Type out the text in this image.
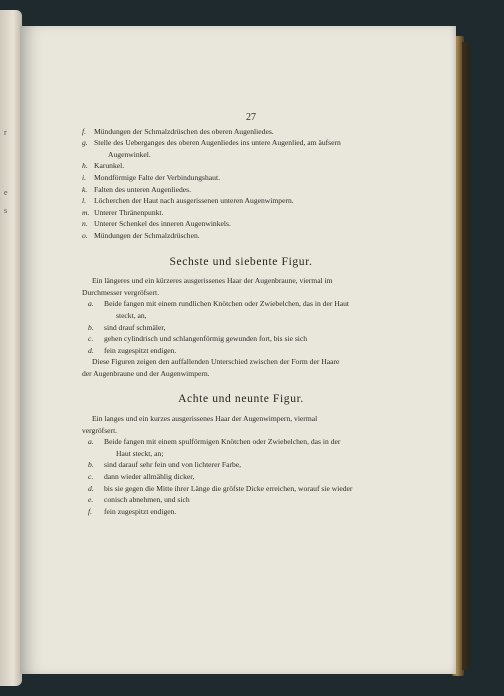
r
e
s
27
f. Mündungen der Schmalzdrüschen des oberen Augenliedes.
g. Stelle des Ueberganges des oberen Augenliedes ins untere Augenlied, am äufsern
Augenwinkel.
h. Karunkel.
i. Mondförmige Falte der Verbindungshaut.
k. Falten des unteren Augenliedes.
l. Löcherchen der Haut nach ausgerissenen unteren Augenwimpern.
m. Unterer Thränenpunkt.
n. Unterer Schenkel des inneren Augenwinkels.
o. Mündungen der Schmalzdrüschen.
Sechste und siebente Figur.
Ein längeres und ein kürzeres ausgerissenes Haar der Augenbraune, viermal im
Durchmesser vergröfsert.
a. Beide fangen mit einem rundlichen Knötchen oder Zwiebelchen, das in der Haut
steckt, an,
b. sind drauf schmäler,
c. gehen cylindrisch und schlangenförmig gewunden fort, bis sie sich
d. fein zugespitzt endigen.
Diese Figuren zeigen den auffallenden Unterschied zwischen der Form der Haare
der Augenbraune und der Augenwimpern.
Achte und neunte Figur.
Ein langes und ein kurzes ausgerissenes Haar der Augenwimpern, viermal
vergröfsert.
a. Beide fangen mit einem spulförmigen Knötchen oder Zwiebelchen, das in der
Haut steckt, an;
b. sind darauf sehr fein und von lichterer Farbe,
c. dann wieder allmählig dicker,
d. bis sie gegen die Mitte ihrer Länge die gröfste Dicke erreichen, worauf sie wieder
e. conisch abnehmen, und sich
f. fein zugespitzt endigen.
